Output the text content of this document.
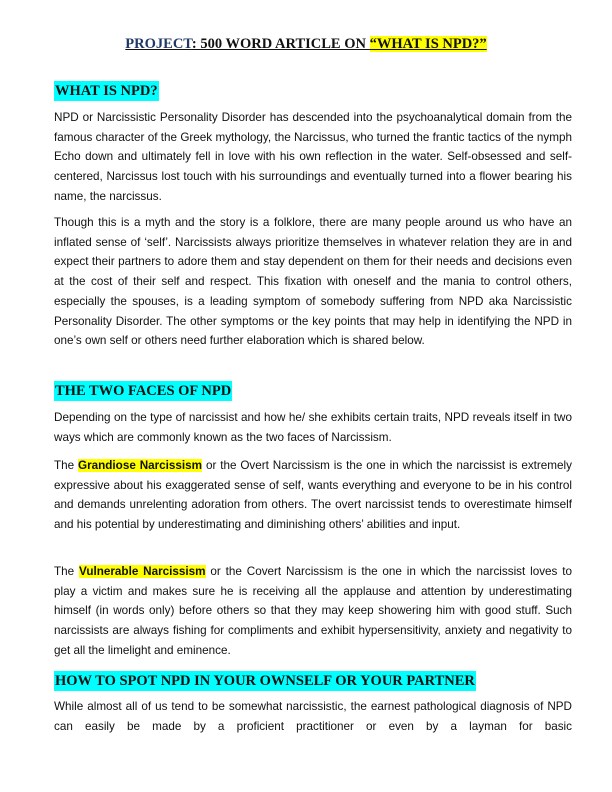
PROJECT: 500 WORD ARTICLE ON “WHAT IS NPD?”
WHAT IS NPD?

NPD or Narcissistic Personality Disorder has descended into the psychoanalytical domain from the famous character of the Greek mythology, the Narcissus, who turned the frantic tactics of the nymph Echo down and ultimately fell in love with his own reflection in the water. Self-obsessed and self-centered, Narcissus lost touch with his surroundings and eventually turned into a flower bearing his name, the narcissus.

Though this is a myth and the story is a folklore, there are many people around us who have an inflated sense of ‘self’. Narcissists always prioritize themselves in whatever relation they are in and expect their partners to adore them and stay dependent on them for their needs and decisions even at the cost of their self and respect. This fixation with oneself and the mania to control others, especially the spouses, is a leading symptom of somebody suffering from NPD aka Narcissistic Personality Disorder. The other symptoms or the key points that may help in identifying the NPD in one’s own self or others need further elaboration which is shared below.

THE TWO FACES OF NPD

Depending on the type of narcissist and how he/ she exhibits certain traits, NPD reveals itself in two ways which are commonly known as the two faces of Narcissism.

The Grandiose Narcissism or the Overt Narcissism is the one in which the narcissist is extremely expressive about his exaggerated sense of self, wants everything and everyone to be in his control and demands unrelenting adoration from others. The overt narcissist tends to overestimate himself and his potential by underestimating and diminishing others’ abilities and input.

The Vulnerable Narcissism or the Covert Narcissism is the one in which the narcissist loves to play a victim and makes sure he is receiving all the applause and attention by underestimating himself (in words only) before others so that they may keep showering him with good stuff. Such narcissists are always fishing for compliments and exhibit hypersensitivity, anxiety and negativity to get all the limelight and eminence.

HOW TO SPOT NPD IN YOUR OWNSELF OR YOUR PARTNER

While almost all of us tend to be somewhat narcissistic, the earnest pathological diagnosis of NPD can easily be made by a proficient practitioner or even by a layman for basic
